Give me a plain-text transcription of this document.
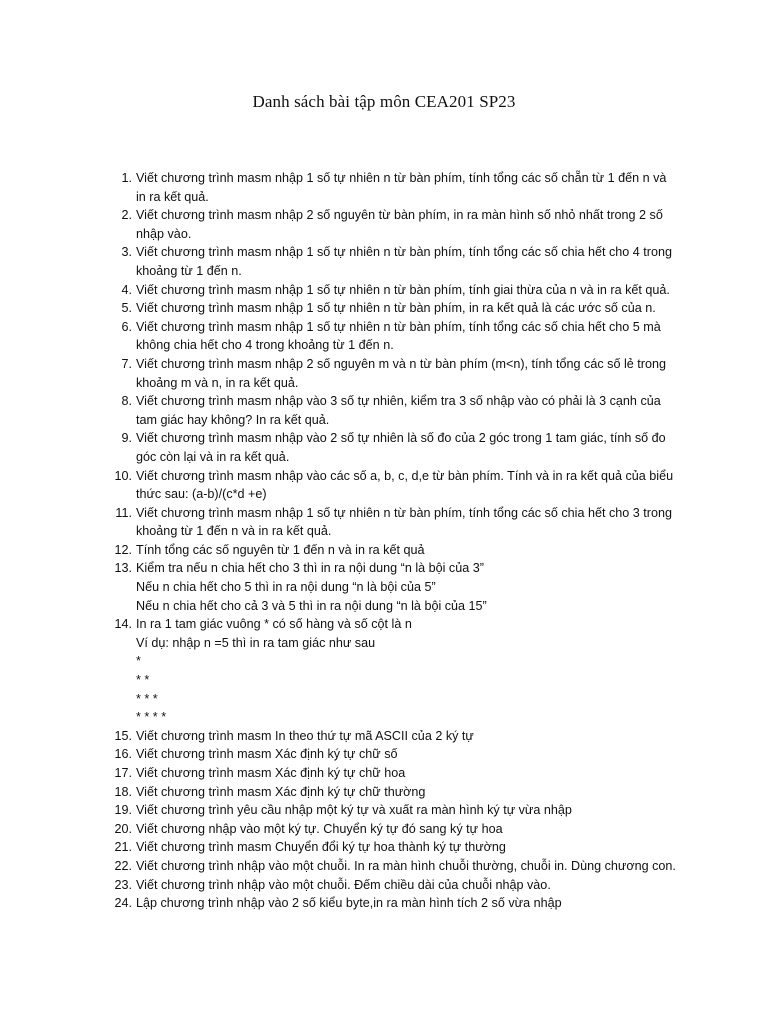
Danh sách bài tập môn CEA201 SP23
1. Viết chương trình masm nhập 1 số tự nhiên n từ bàn phím, tính tổng các số chẵn từ 1 đến n và
in ra kết quả.
2. Viết chương trình masm nhập 2 số nguyên từ bàn phím, in ra màn hình số nhỏ nhất trong 2 số
nhập vào.
3. Viết chương trình masm nhập 1 số tự nhiên n từ bàn phím, tính tổng các số chia hết cho 4 trong
khoảng từ 1 đến n.
4. Viết chương trình masm nhập 1 số tự nhiên n từ bàn phím, tính giai thừa của n và in ra kết quả.
5. Viết chương trình masm nhập 1 số tự nhiên n từ bàn phím, in ra kết quả là các ước số của n.
6. Viết chương trình masm nhập 1 số tự nhiên n từ bàn phím, tính tổng các số chia hết cho 5 mà
không chia hết cho 4 trong khoảng từ 1 đến n.
7. Viết chương trình masm nhập 2 số nguyên m và n từ bàn phím (m<n), tính tổng các số lẻ trong
khoảng m và n, in ra kết quả.
8. Viết chương trình masm nhập vào 3 số tự nhiên, kiểm tra 3 số nhập vào có phải là 3 cạnh của
tam giác hay không? In ra kết quả.
9. Viết chương trình masm nhập vào 2 số tự nhiên là số đo của 2 góc trong 1 tam giác, tính số đo
góc còn lại và in ra kết quả.
10. Viết chương trình masm nhập vào các số a, b, c, d,e từ bàn phím. Tính và in ra kết quả của biểu
thức sau: (a-b)/(c*d +e)
11. Viết chương trình masm nhập 1 số tự nhiên n từ bàn phím, tính tổng các số chia hết cho 3 trong
khoảng từ 1 đến n và in ra kết quả.
12. Tính tổng các số nguyên từ 1 đến n và in ra kết quả
13. Kiểm tra nếu n chia hết cho 3 thì in ra nội dung “n là bội của 3”
Nếu n chia hết cho 5 thì in ra nội dung “n là bội của 5”
Nếu n chia hết cho cả 3 và 5 thì in ra nội dung “n là bội của 15”
14. In ra 1 tam giác vuông * có số hàng và số cột là n
Ví dụ: nhập n =5 thì in ra tam giác như sau
*
* *
* * *
* * * *
15. Viết chương trình masm In theo thứ tự mã ASCII của 2 ký tự
16. Viết chương trình masm Xác định ký tự chữ số
17. Viết chương trình masm Xác định ký tự chữ hoa
18. Viết chương trình masm Xác định ký tự chữ thường
19. Viết chương trình yêu cầu nhập một ký tự và xuất ra màn hình ký tự vừa nhập
20. Viết chương nhập vào một ký tự. Chuyển ký tự đó sang ký tự hoa
21. Viết chương trình masm Chuyển đổi ký tự hoa thành ký tự thường
22. Viết chương trình nhập vào một chuỗi. In ra màn hình chuỗi thường, chuỗi in. Dùng chương con.
23. Viết chương trình nhập vào một chuỗi. Đếm chiều dài của chuỗi nhập vào.
24. Lập chương trình nhập vào 2 số kiểu byte,in ra màn hình tích 2 số vừa nhập
